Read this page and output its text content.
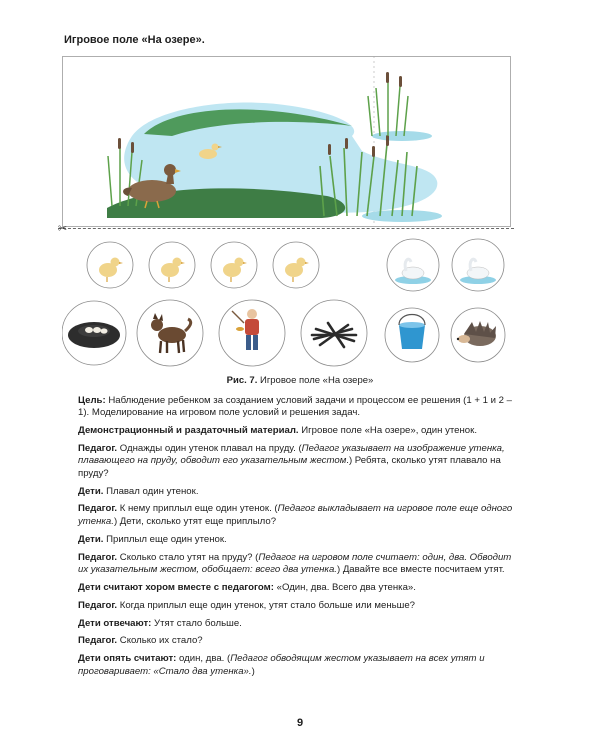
Игровое поле «На озере».
✂
Рис. 7. Игровое поле «На озере»

Цель: Наблюдение ребенком за созданием условий задачи и процессом ее решения (1 + 1 и 2 – 1). Моделирование на игровом поле условий и решения задач.

Демонстрационный и раздаточный материал. Игровое поле «На озере», один утенок.

Педагог. Однажды один утенок плавал на пруду. (Педагог указывает на изображение утенка, плавающего на пруду, обводит его указательным жестом.) Ребята, сколько утят плавало на пруду?

Дети. Плавал один утенок.

Педагог. К нему приплыл еще один утенок. (Педагог выкладывает на игровое поле еще одного утенка.) Дети, сколько утят еще приплыло?

Дети. Приплыл еще один утенок.

Педагог. Сколько стало утят на пруду? (Педагог на игровом поле считает: один, два. Обводит их указательным жестом, обобщает: всего два утенка.) Давайте все вместе посчитаем утят.

Дети считают хором вместе с педагогом: «Один, два. Всего два утенка».

Педагог. Когда приплыл еще один утенок, утят стало больше или меньше?

Дети отвечают: Утят стало больше.

Педагог. Сколько их стало?

Дети опять считают: один, два. (Педагог обводящим жестом указывает на всех утят и проговаривает: «Стало два утенка».)

9
